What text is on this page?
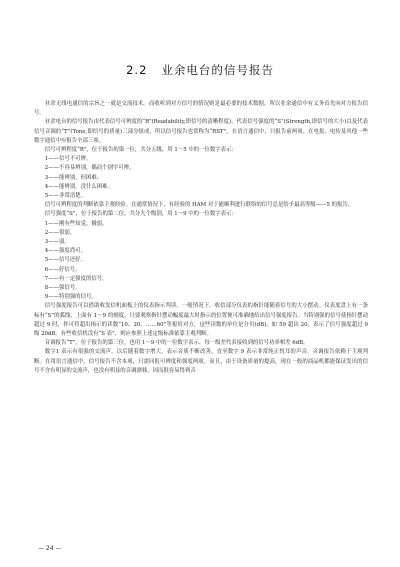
2.2 业余电台的信号报告

业余无线电通信的宗旨之一就是交流技术。而收听到对方信号的情况则是最必要的技术数据，所以业余通信中有义务首先向对方报告信号。

业余电台的信号报告由代表信号可辨度的“R”(Readability,即信号的清晰程度)、代表信号强度的“S”(Strength,即信号的大小)以及代表信号音调的“T”(Tone,即信号的质量)三部分组成，所以信号报告也常称为“RST”。在语言通信中，只报告前两项；在电报、电传及其他一些数字通信中应报告全部三项。

信号可辨程度“R”，位于报告的第一位，共分五级，用 1～5 中的一位数字表示：

1——信号不可辨。

2——不容易辨别，偶而个别字可辨。

3——能辨别，但困难。

4——能辨别，没什么困难。

5——非常清楚。

信号可辨程度的判断依靠主观经验。在通常情况下，有经验的 HAM 对于能顺利进行联络的信号总是给予最高等级——5 的报告。

信号强度“S”，位于报告的第二位，共分九个级别，用 1～9 中的一位数字表示：

1——刚有些知觉，极弱。

2——很弱。

3——弱。

4——强度尚可。

5——信号还好。

6——好信号。

7——有一定强度的信号。

8——强信号。

9——特别强的信号。

信号强度报告可以借助收发信机面板上的仪表指示判读。一般情况下，收信部分仪表的指针能随着信号的大小摆动。仪表度盘上有一条标有“S”的弧线，上面有 1～9 的刻度，只要观察指针摆动幅度最大时指示的位置便可准确地给出信号强度报告。当特别强的信号使指针摆动超过 9 时，你可将超出指示的读数“10、20、……60”等报给对方，这些读数的单位是分贝(dB)。如 59 超出 20，表示了信号强度超过 9 级 20dB。有些收信机没有“S 表”，则应参照上述定级标准依靠主观判断。

音调报告“T”，位于报告的第三位，也用 1～9 中的一位数字表示，每一级差代表接收到的信号功率相差 6dB。

数字1 表示有很强的交流声，以后随着数字增大，表示音质不断改善，直至数字 9 表示非常纯正悦耳的声音。音调报告依赖于主观判断。在用语言通信中，信号报告不含本项，只需同报可辨度和强度两项。而且，由于设备质量的提高，现在一般的商品机都能保证发出的信号不含有明显的交流声，也没有明显的音调漂移，因而很容易得到音

— 24 —
